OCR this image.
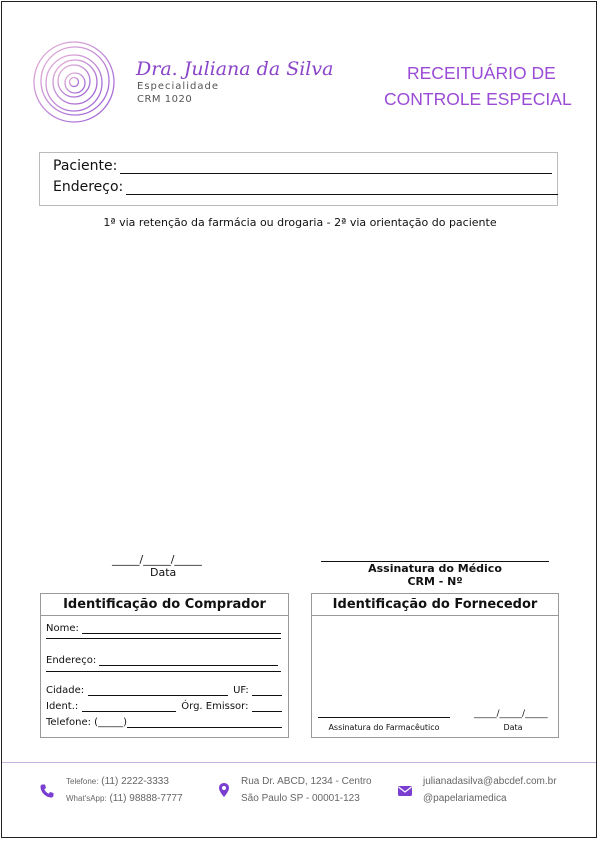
Dra. Juliana da Silva
Especialidade
CRM 1020
RECEITUÁRIO DE
CONTROLE ESPECIAL
Paciente:
Endereço:
1ª via retenção da farmácia ou drogaria - 2ª via orientação do paciente
_____/_____/_____
Data	Assinatura do Médico
CRM - Nº
Identificação do Comprador
Nome:
Endereço:
Cidade:	UF:
Ident.:	Órg. Emissor:
Telefone: (_____)
Identificação do Fornecedor
Assinatura do Farmacêutico
_____/_____/_____
Data
Telefone: (11) 2222-3333
What'sApp: (11) 98888-7777
Rua Dr. ABCD, 1234 - Centro
São Paulo SP - 00001-123
julianadasilva@abcdef.com.br
@papelariamedica
